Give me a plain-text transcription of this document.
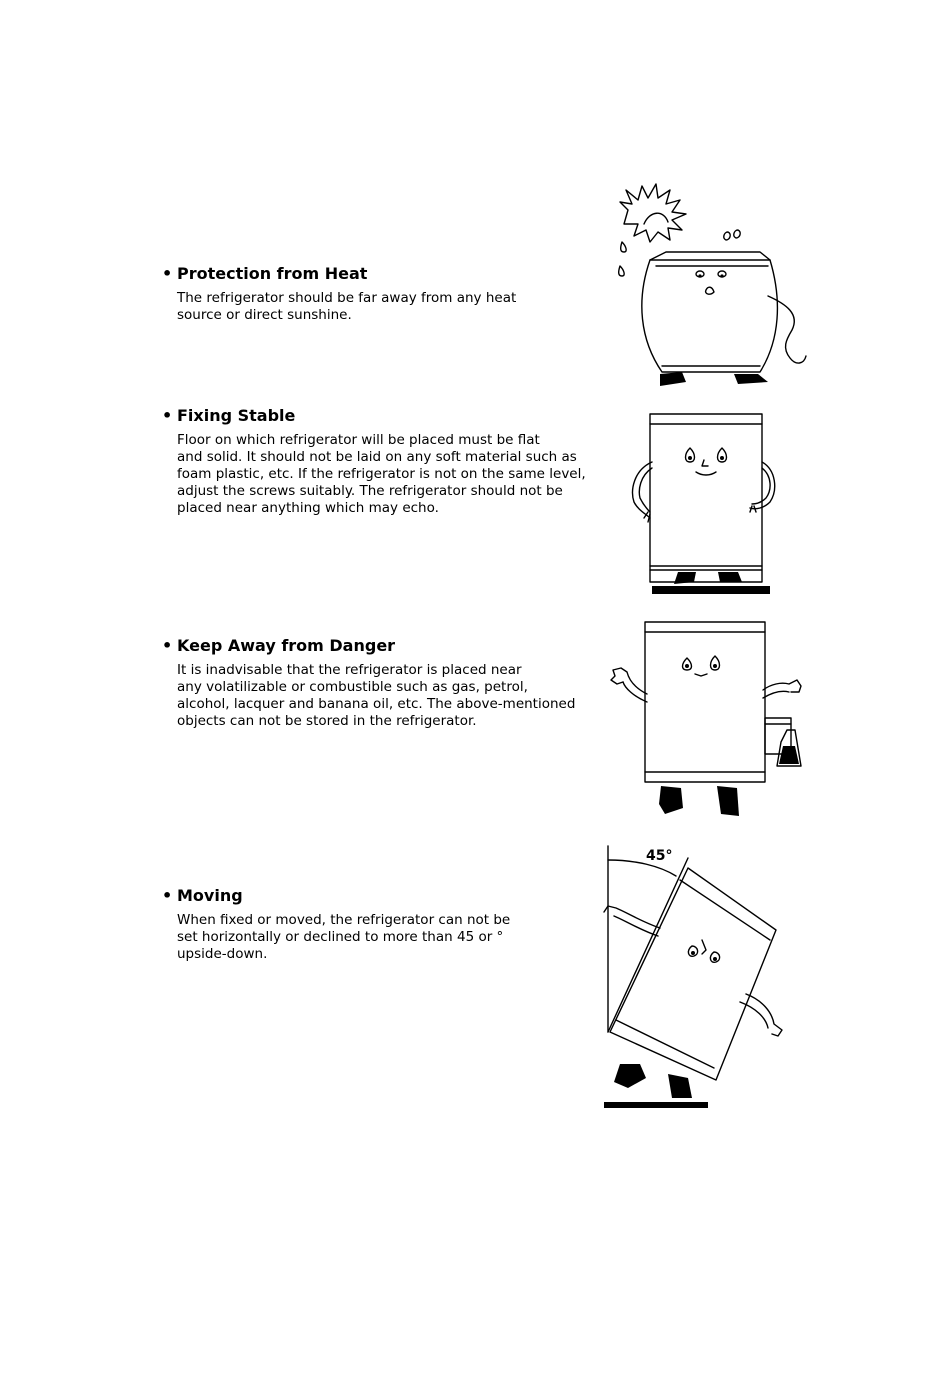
• Protection from Heat

The refrigerator should be far away from any heat

source or direct sunshine.

• Fixing Stable

Floor on which refrigerator will be placed must be flat

and solid. It should not be laid on any soft material such as

foam plastic, etc. If the refrigerator is not on the same level,

adjust the screws suitably. The refrigerator should not be

placed near anything which may echo.

• Keep Away from Danger

It is inadvisable that the refrigerator is placed near

any volatilizable or combustible such as gas, petrol,

alcohol, lacquer and banana oil, etc. The above-mentioned

objects can not be stored in the refrigerator.

• Moving

When fixed or moved, the refrigerator can not be

set horizontally or declined to more than 45 or °

upside-down.

45°
